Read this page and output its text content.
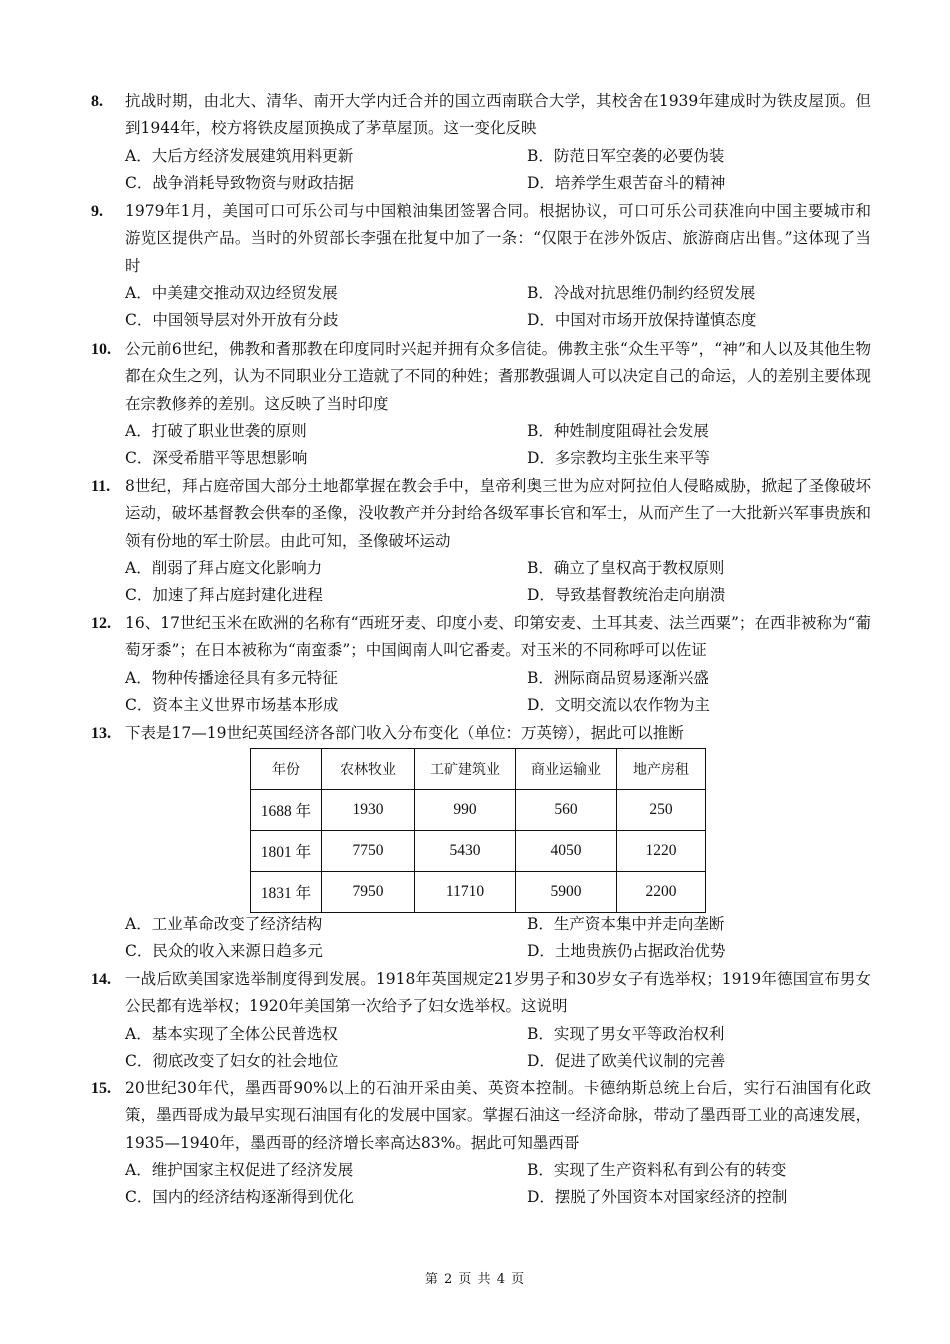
8.	抗战时期，由北大、清华、南开大学内迁合并的国立西南联合大学，其校舍在1939年建成时为铁皮屋顶。但到1944年，校方将铁皮屋顶换成了茅草屋顶。这一变化反映
A．大后方经济发展建筑用料更新	B．防范日军空袭的必要伪装
C．战争消耗导致物资与财政拮据	D．培养学生艰苦奋斗的精神
9.	1979年1月，美国可口可乐公司与中国粮油集团签署合同。根据协议，可口可乐公司获准向中国主要城市和游览区提供产品。当时的外贸部长李强在批复中加了一条：“仅限于在涉外饭店、旅游商店出售。”这体现了当时
A．中美建交推动双边经贸发展	B．冷战对抗思维仍制约经贸发展
C．中国领导层对外开放有分歧	D．中国对市场开放保持谨慎态度
10. 公元前6世纪，佛教和耆那教在印度同时兴起并拥有众多信徒。佛教主张“众生平等”，“神”和人以及其他生物都在众生之列，认为不同职业分工造就了不同的种姓；耆那教强调人可以决定自己的命运，人的差别主要体现在宗教修养的差别。这反映了当时印度
A．打破了职业世袭的原则	B．种姓制度阻碍社会发展
C．深受希腊平等思想影响	D．多宗教均主张生来平等
11. 8世纪，拜占庭帝国大部分土地都掌握在教会手中，皇帝利奥三世为应对阿拉伯人侵略威胁，掀起了圣像破坏运动，破坏基督教会供奉的圣像，没收教产并分封给各级军事长官和军士，从而产生了一大批新兴军事贵族和领有份地的军士阶层。由此可知，圣像破坏运动
A．削弱了拜占庭文化影响力	B．确立了皇权高于教权原则
C．加速了拜占庭封建化进程	D．导致基督教统治走向崩溃
12. 16、17世纪玉米在欧洲的名称有“西班牙麦、印度小麦、印第安麦、土耳其麦、法兰西粟”；在西非被称为“葡萄牙黍”；在日本被称为“南蛮黍”；中国闽南人叫它番麦。对玉米的不同称呼可以佐证
A．物种传播途径具有多元特征	B．洲际商品贸易逐渐兴盛
C．资本主义世界市场基本形成	D．文明交流以农作物为主
13. 下表是17—19世纪英国经济各部门收入分布变化（单位：万英镑），据此可以推断
年份	农林牧业	工矿建筑业	商业运输业	地产房租
1688 年	1930	990	560	250
1801 年	7750	5430	4050	1220
1831 年	7950	11710	5900	2200
A．工业革命改变了经济结构	B．生产资本集中并走向垄断
C．民众的收入来源日趋多元	D．土地贵族仍占据政治优势
14. 一战后欧美国家选举制度得到发展。1918年英国规定21岁男子和30岁女子有选举权；1919年德国宣布男女公民都有选举权；1920年美国第一次给予了妇女选举权。这说明
A．基本实现了全体公民普选权	B．实现了男女平等政治权利
C．彻底改变了妇女的社会地位	D．促进了欧美代议制的完善
15. 20世纪30年代，墨西哥90%以上的石油开采由美、英资本控制。卡德纳斯总统上台后，实行石油国有化政策，墨西哥成为最早实现石油国有化的发展中国家。掌握石油这一经济命脉，带动了墨西哥工业的高速发展，1935—1940年，墨西哥的经济增长率高达83%。据此可知墨西哥
A．维护国家主权促进了经济发展	B．实现了生产资料私有到公有的转变
C．国内的经济结构逐渐得到优化	D．摆脱了外国资本对国家经济的控制
第 2 页 共 4 页
